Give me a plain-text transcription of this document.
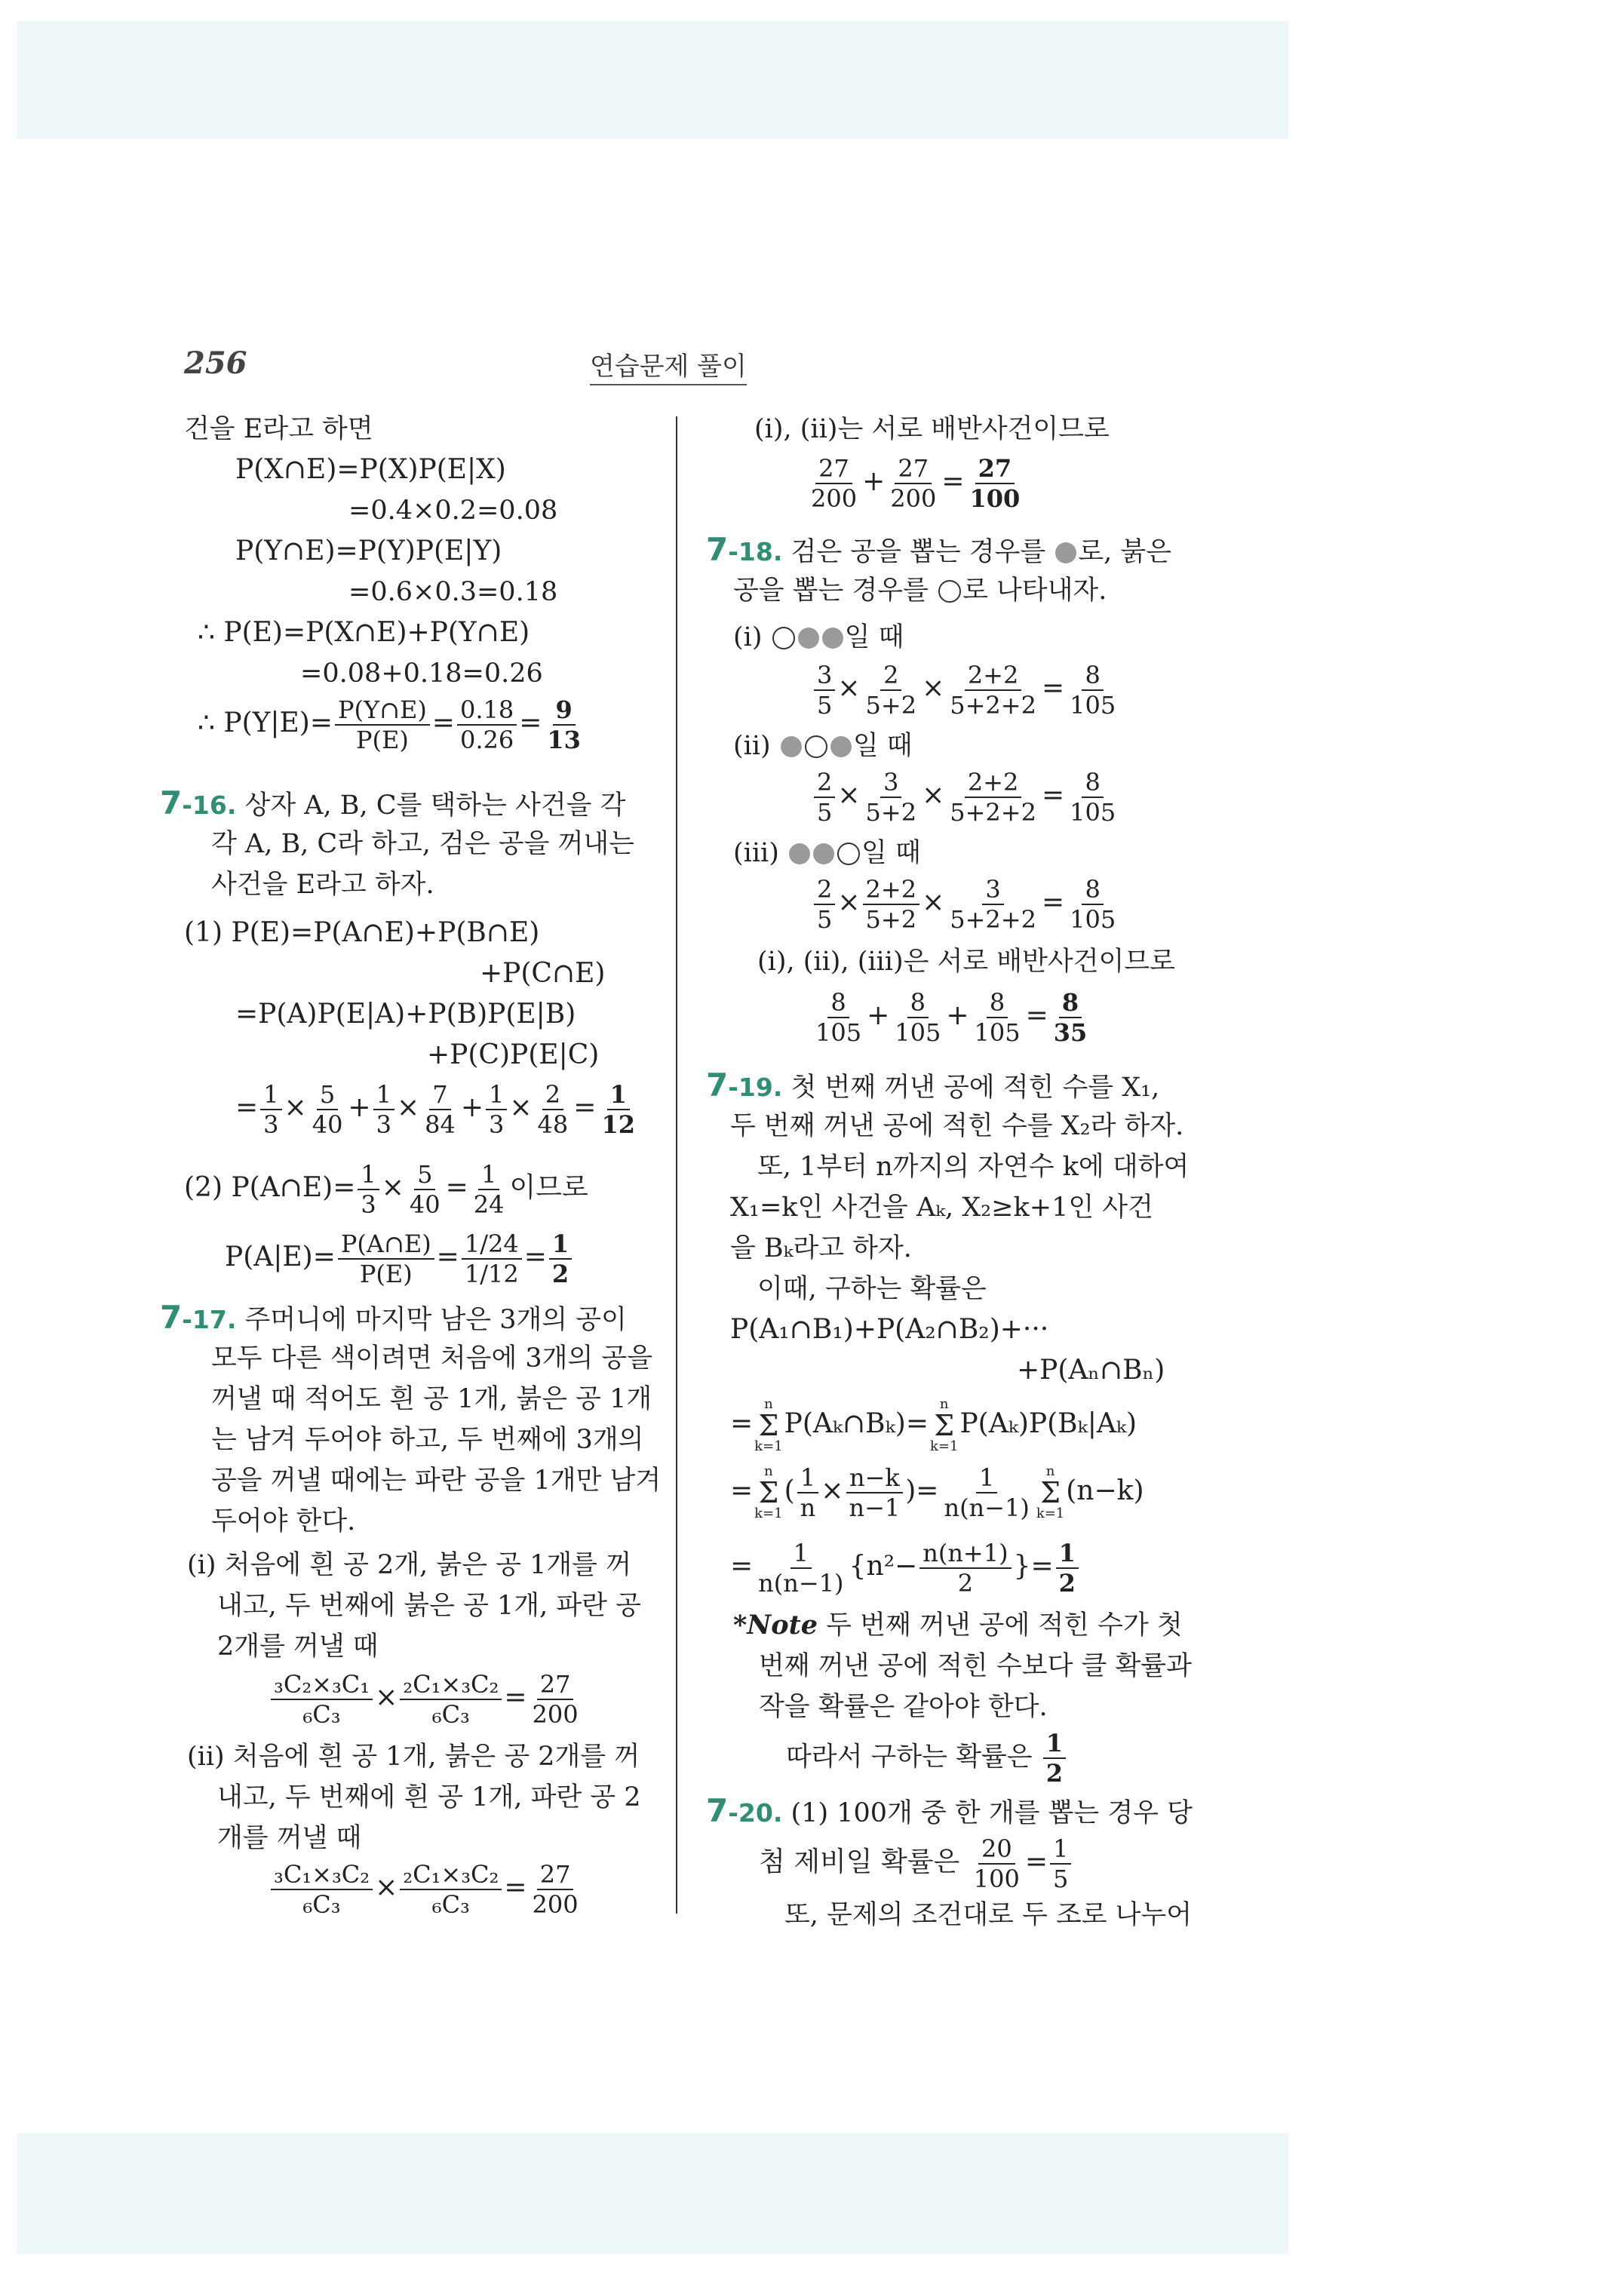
256	연습문제 풀이
건을 E라고 하면
P(X∩E)=P(X)P(E|X)
=0.4×0.2=0.08
P(Y∩E)=P(Y)P(E|Y)
=0.6×0.3=0.18
∴ P(E)=P(X∩E)+P(Y∩E)
=0.08+0.18=0.26
∴ $P(Y|E)= \frac{P(Y\cap E)}{P(E)} = \frac{0.18}{0.26} = \frac{9}{13}$
7-16. 상자 A, B, C를 택하는 사건을 각
각 A, B, C라 하고, 검은 공을 꺼내는
사건을 E라고 하자.
(1) P(E)=P(A∩E)+P(B∩E)
+P(C∩E)
=P(A)P(E|A)+P(B)P(E|B)
+P(C)P(E|C)
= $\frac{1}{3} \times \frac{5}{40} + \frac{1}{3} \times \frac{7}{84} + \frac{1}{3} \times \frac{2}{48} = \frac{1}{12}$
(2) P(A∩E)= $\frac{1}{3} \times \frac{5}{40} = \frac{1}{24}$ 이므로
$P(A|E)= \frac{P(A\cap E)}{P(E)} = \frac{1/24}{1/12} = \frac{1}{2}$
7-17. 주머니에 마지막 남은 3개의 공이
모두 다른 색이려면 처음에 3개의 공을
꺼낼 때 적어도 흰 공 1개, 붉은 공 1개
는 남겨 두어야 하고, 두 번째에 3개의
공을 꺼낼 때에는 파란 공을 1개만 남겨
두어야 한다.
(i) 처음에 흰 공 2개, 붉은 공 1개를 꺼
내고, 두 번째에 붉은 공 1개, 파란 공
2개를 꺼낼 때
$\frac{\text{₃C₂×₃C₁}}{\text{₆C₃}} \times \frac{\text{₂C₁×₃C₂}}{\text{₆C₃}} = \frac{27}{200}$
(ii) 처음에 흰 공 1개, 붉은 공 2개를 꺼
내고, 두 번째에 흰 공 1개, 파란 공 2
개를 꺼낼 때
$\frac{\text{₃C₁×₃C₂}}{\text{₆C₃}} \times \frac{\text{₂C₁×₃C₂}}{\text{₆C₃}} = \frac{27}{200}$
(i), (ii)는 서로 배반사건이므로
$\frac{27}{200} + \frac{27}{200} = \frac{27}{100}$
7-18. 검은 공을 뽑는 경우를 로, 붉은
공을 뽑는 경우를 로 나타내자.
(i)	일 때
$\frac{3}{5} \times \frac{2}{5+2} \times \frac{2+2}{5+2+2} = \frac{8}{105}$
(ii)	일 때
$\frac{2}{5} \times \frac{3}{5+2} \times \frac{2+2}{5+2+2} = \frac{8}{105}$
(iii)	일 때
$\frac{2}{5} \times \frac{2+2}{5+2} \times \frac{3}{5+2+2} = \frac{8}{105}$
(i), (ii), (iii)은 서로 배반사건이므로
$\frac{8}{105} + \frac{8}{105} + \frac{8}{105} = \frac{8}{35}$
7-19. 첫 번째 꺼낸 공에 적힌 수를 X₁,
두 번째 꺼낸 공에 적힌 수를 X₂라 하자.
또, 1부터 n까지의 자연수 k에 대하여
X₁=k인 사건을 Aₖ, X₂≥k+1인 사건
을 Bₖ라고 하자.
이때, 구하는 확률은
P(A₁∩B₁)+P(A₂∩B₂)+···
+P(Aₙ∩Bₙ)
=
n
Σ
k=1
P(Aₖ∩Bₖ)=
n
Σ
k=1
P(Aₖ)P(Bₖ|Aₖ)
=
n
Σ
k=1
( $\frac{1}{n} \times \frac{n-k}{n-1}$ )= $\frac{1}{n(n-1)}$ n
Σ
k=1
(n−k)
= $\frac{1}{n(n-1)} \{n^2- \frac{n(n+1)}{2}$ }= $\frac{1}{2}$
*Note 두 번째 꺼낸 공에 적힌 수가 첫
번째 꺼낸 공에 적힌 수보다 클 확률과
작을 확률은 같아야 한다.
따라서 구하는 확률은 $\frac{1}{2}$
7-20. (1) 100개 중 한 개를 뽑는 경우 당
첨 제비일 확률은 $\frac{20}{100} = \frac{1}{5}$
또, 문제의 조건대로 두 조로 나누어
